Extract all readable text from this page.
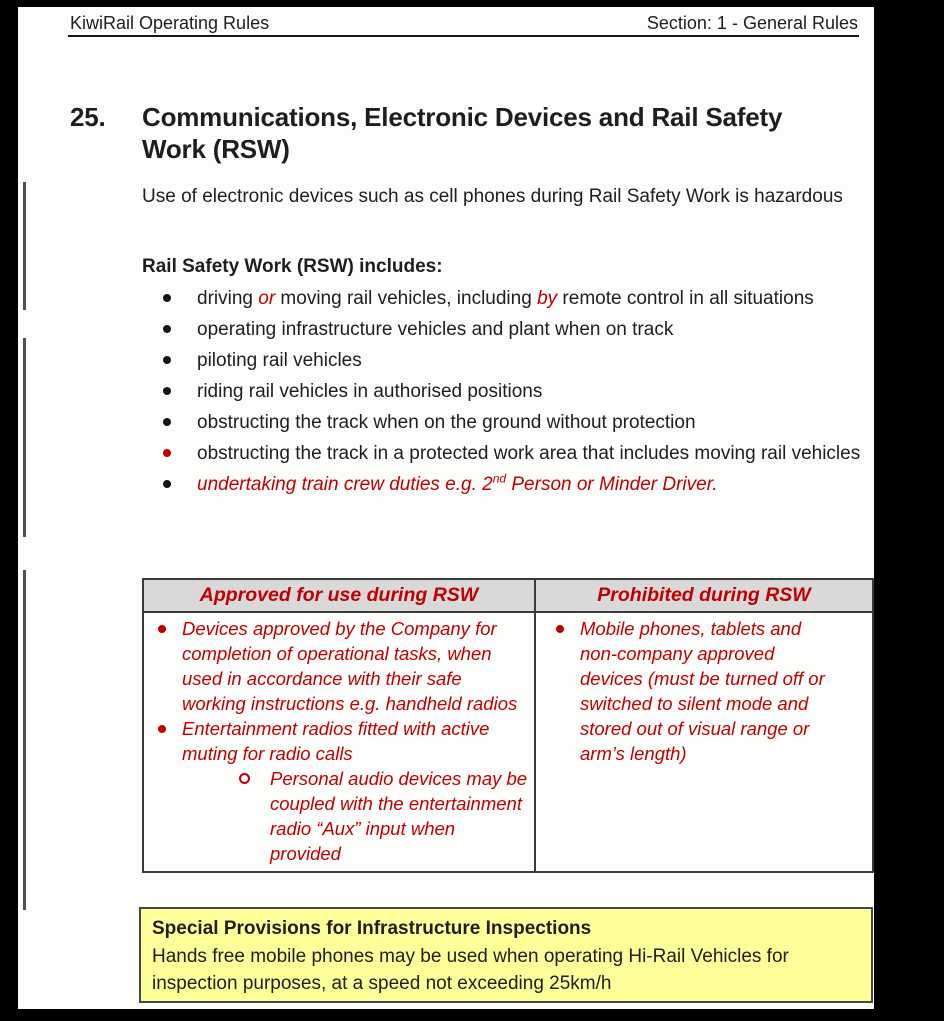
KiwiRail Operating Rules	Section: 1 - General Rules
25.	Communications, Electronic Devices and Rail Safety Work (RSW)

Use of electronic devices such as cell phones during Rail Safety Work is hazardous

Rail Safety Work (RSW) includes:

driving or moving rail vehicles, including by remote control in all situations
operating infrastructure vehicles and plant when on track
piloting rail vehicles
riding rail vehicles in authorised positions
obstructing the track when on the ground without protection
obstructing the track in a protected work area that includes moving rail vehicles
undertaking train crew duties e.g. 2nd Person or Minder Driver.
Approved for use during RSW	Prohibited during RSW

Devices approved by the Company for completion of operational tasks, when used in accordance with their safe working instructions e.g. handheld radios
Entertainment radios fitted with active muting for radio calls
Personal audio devices may be coupled with the entertainment radio “Aux” input when provided

Mobile phones, tablets and non-company approved devices (must be turned off or switched to silent mode and stored out of visual range or arm’s length)
Special Provisions for Infrastructure Inspections
Hands free mobile phones may be used when operating Hi-Rail Vehicles for inspection purposes, at a speed not exceeding 25km/h
